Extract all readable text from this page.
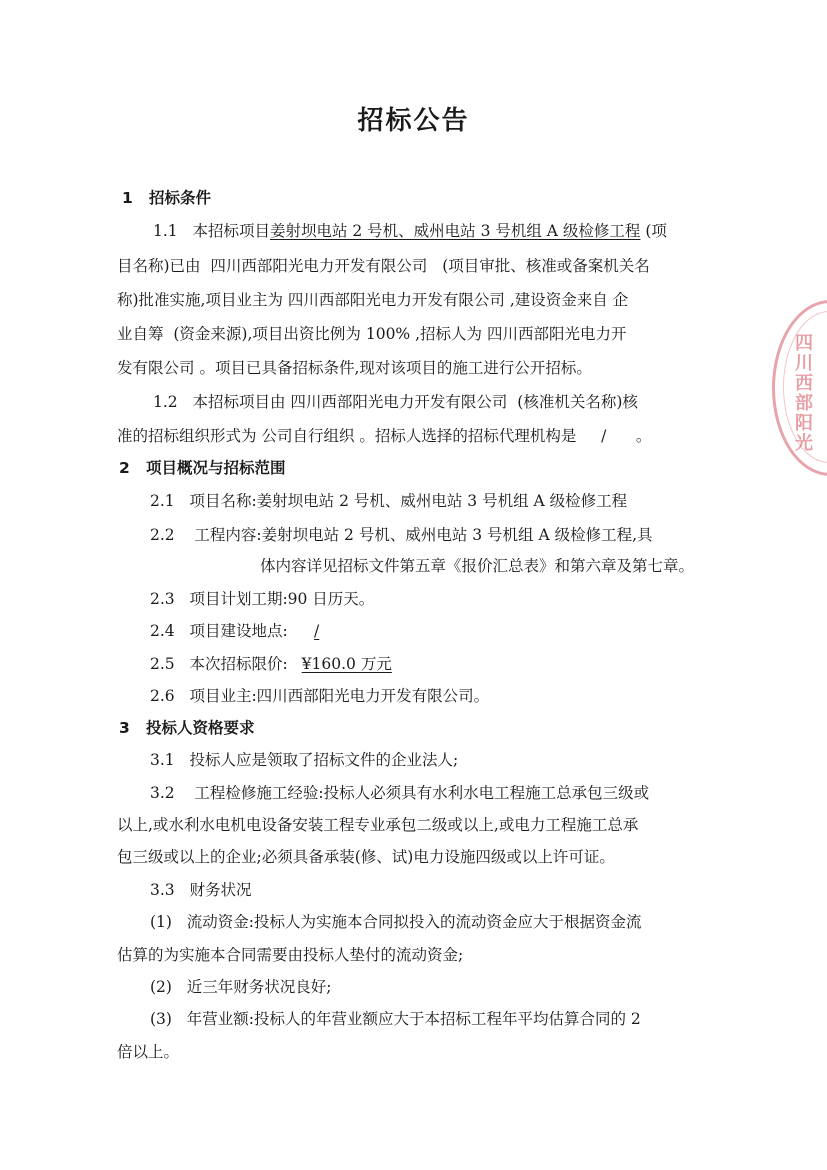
招标公告
1 招标条件
1.1 本招标项目姜射坝电站 2 号机、威州电站 3 号机组 A 级检修工程 (项
目名称)已由 四川西部阳光电力开发有限公司 (项目审批、核准或备案机关名
称)批准实施,项目业主为 四川西部阳光电力开发有限公司 ,建设资金来自 企
业自筹 (资金来源),项目出资比例为 100% ,招标人为 四川西部阳光电力开
发有限公司 。项目已具备招标条件,现对该项目的施工进行公开招标。
1.2 本招标项目由 四川西部阳光电力开发有限公司 (核准机关名称)核
准的招标组织形式为 公司自行组织 。招标人选择的招标代理机构是 / 。
2 项目概况与招标范围
2.1 项目名称:姜射坝电站 2 号机、威州电站 3 号机组 A 级检修工程
2.2 工程内容:姜射坝电站 2 号机、威州电站 3 号机组 A 级检修工程,具
体内容详见招标文件第五章《报价汇总表》和第六章及第七章。
2.3 项目计划工期:90 日历天。
2.4 项目建设地点: /
2.5 本次招标限价: ¥160.0 万元
2.6 项目业主:四川西部阳光电力开发有限公司。
3 投标人资格要求
3.1 投标人应是领取了招标文件的企业法人;
3.2 工程检修施工经验:投标人必须具有水利水电工程施工总承包三级或
以上,或水利水电机电设备安装工程专业承包二级或以上,或电力工程施工总承
包三级或以上的企业;必须具备承装(修、试)电力设施四级或以上许可证。
3.3 财务状况
(1) 流动资金:投标人为实施本合同拟投入的流动资金应大于根据资金流
估算的为实施本合同需要由投标人垫付的流动资金;
(2) 近三年财务状况良好;
(3) 年营业额:投标人的年营业额应大于本招标工程年平均估算合同的 2
倍以上。
四川西部阳光
